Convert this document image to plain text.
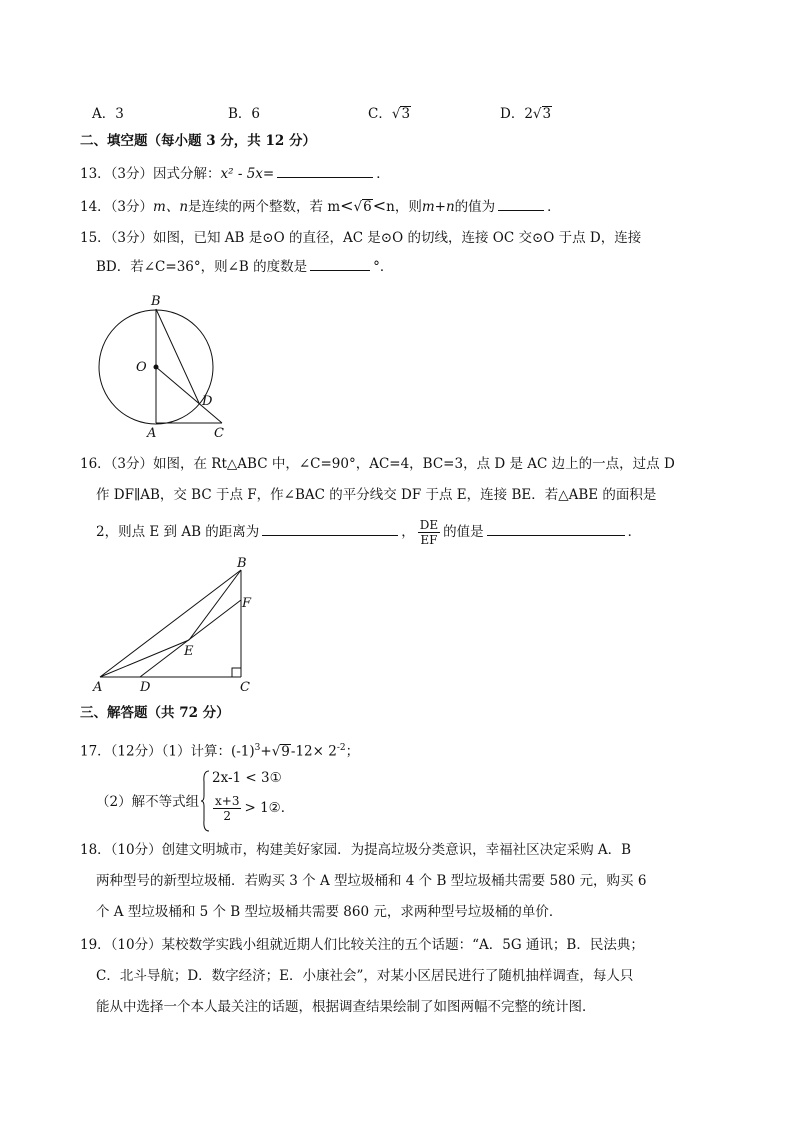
A．3	B．6	C．√3	D．2√3
二、填空题（每小题 3 分，共 12 分）
13．（3分）因式分解：x² - 5x=	．
14．（3分）m、n是连续的两个整数，若 m<√6<n，则m+n的值为	．
15．（3分）如图，已知 AB 是⊙O 的直径，AC 是⊙O 的切线，连接 OC 交⊙O 于点 D，连接
BD．若∠C=36°，则∠B 的度数是	°．
B
O
D
A	C
16．（3分）如图，在 Rt△ABC 中，∠C=90°，AC=4，BC=3，点 D 是 AC 边上的一点，过点 D
作 DF∥AB，交 BC 于点 F，作∠BAC 的平分线交 DF 于点 E，连接 BE．若△ABE 的面积是
2，则点 E 到 AB 的距离为	， $\frac{DE}{EF}$ 的值是	．
B
F
E
A	D	C
三、解答题（共 72 分）
17．（12分）（1）计算：$(-1)^3+√9-12\times 2^{-2}$；
（2）解不等式组
2x-1 < 3①
$\frac{x+3}{2}$ > 1②．
18．（10分）创建文明城市，构建美好家园．为提高垃圾分类意识，幸福社区决定采购 A．B
两种型号的新型垃圾桶．若购买 3 个 A 型垃圾桶和 4 个 B 型垃圾桶共需要 580 元，购买 6
个 A 型垃圾桶和 5 个 B 型垃圾桶共需要 860 元，求两种型号垃圾桶的单价．
19．（10分）某校数学实践小组就近期人们比较关注的五个话题：“A．5G 通讯；B．民法典；
C．北斗导航；D．数字经济；E．小康社会”，对某小区居民进行了随机抽样调查，每人只
能从中选择一个本人最关注的话题，根据调查结果绘制了如图两幅不完整的统计图．
